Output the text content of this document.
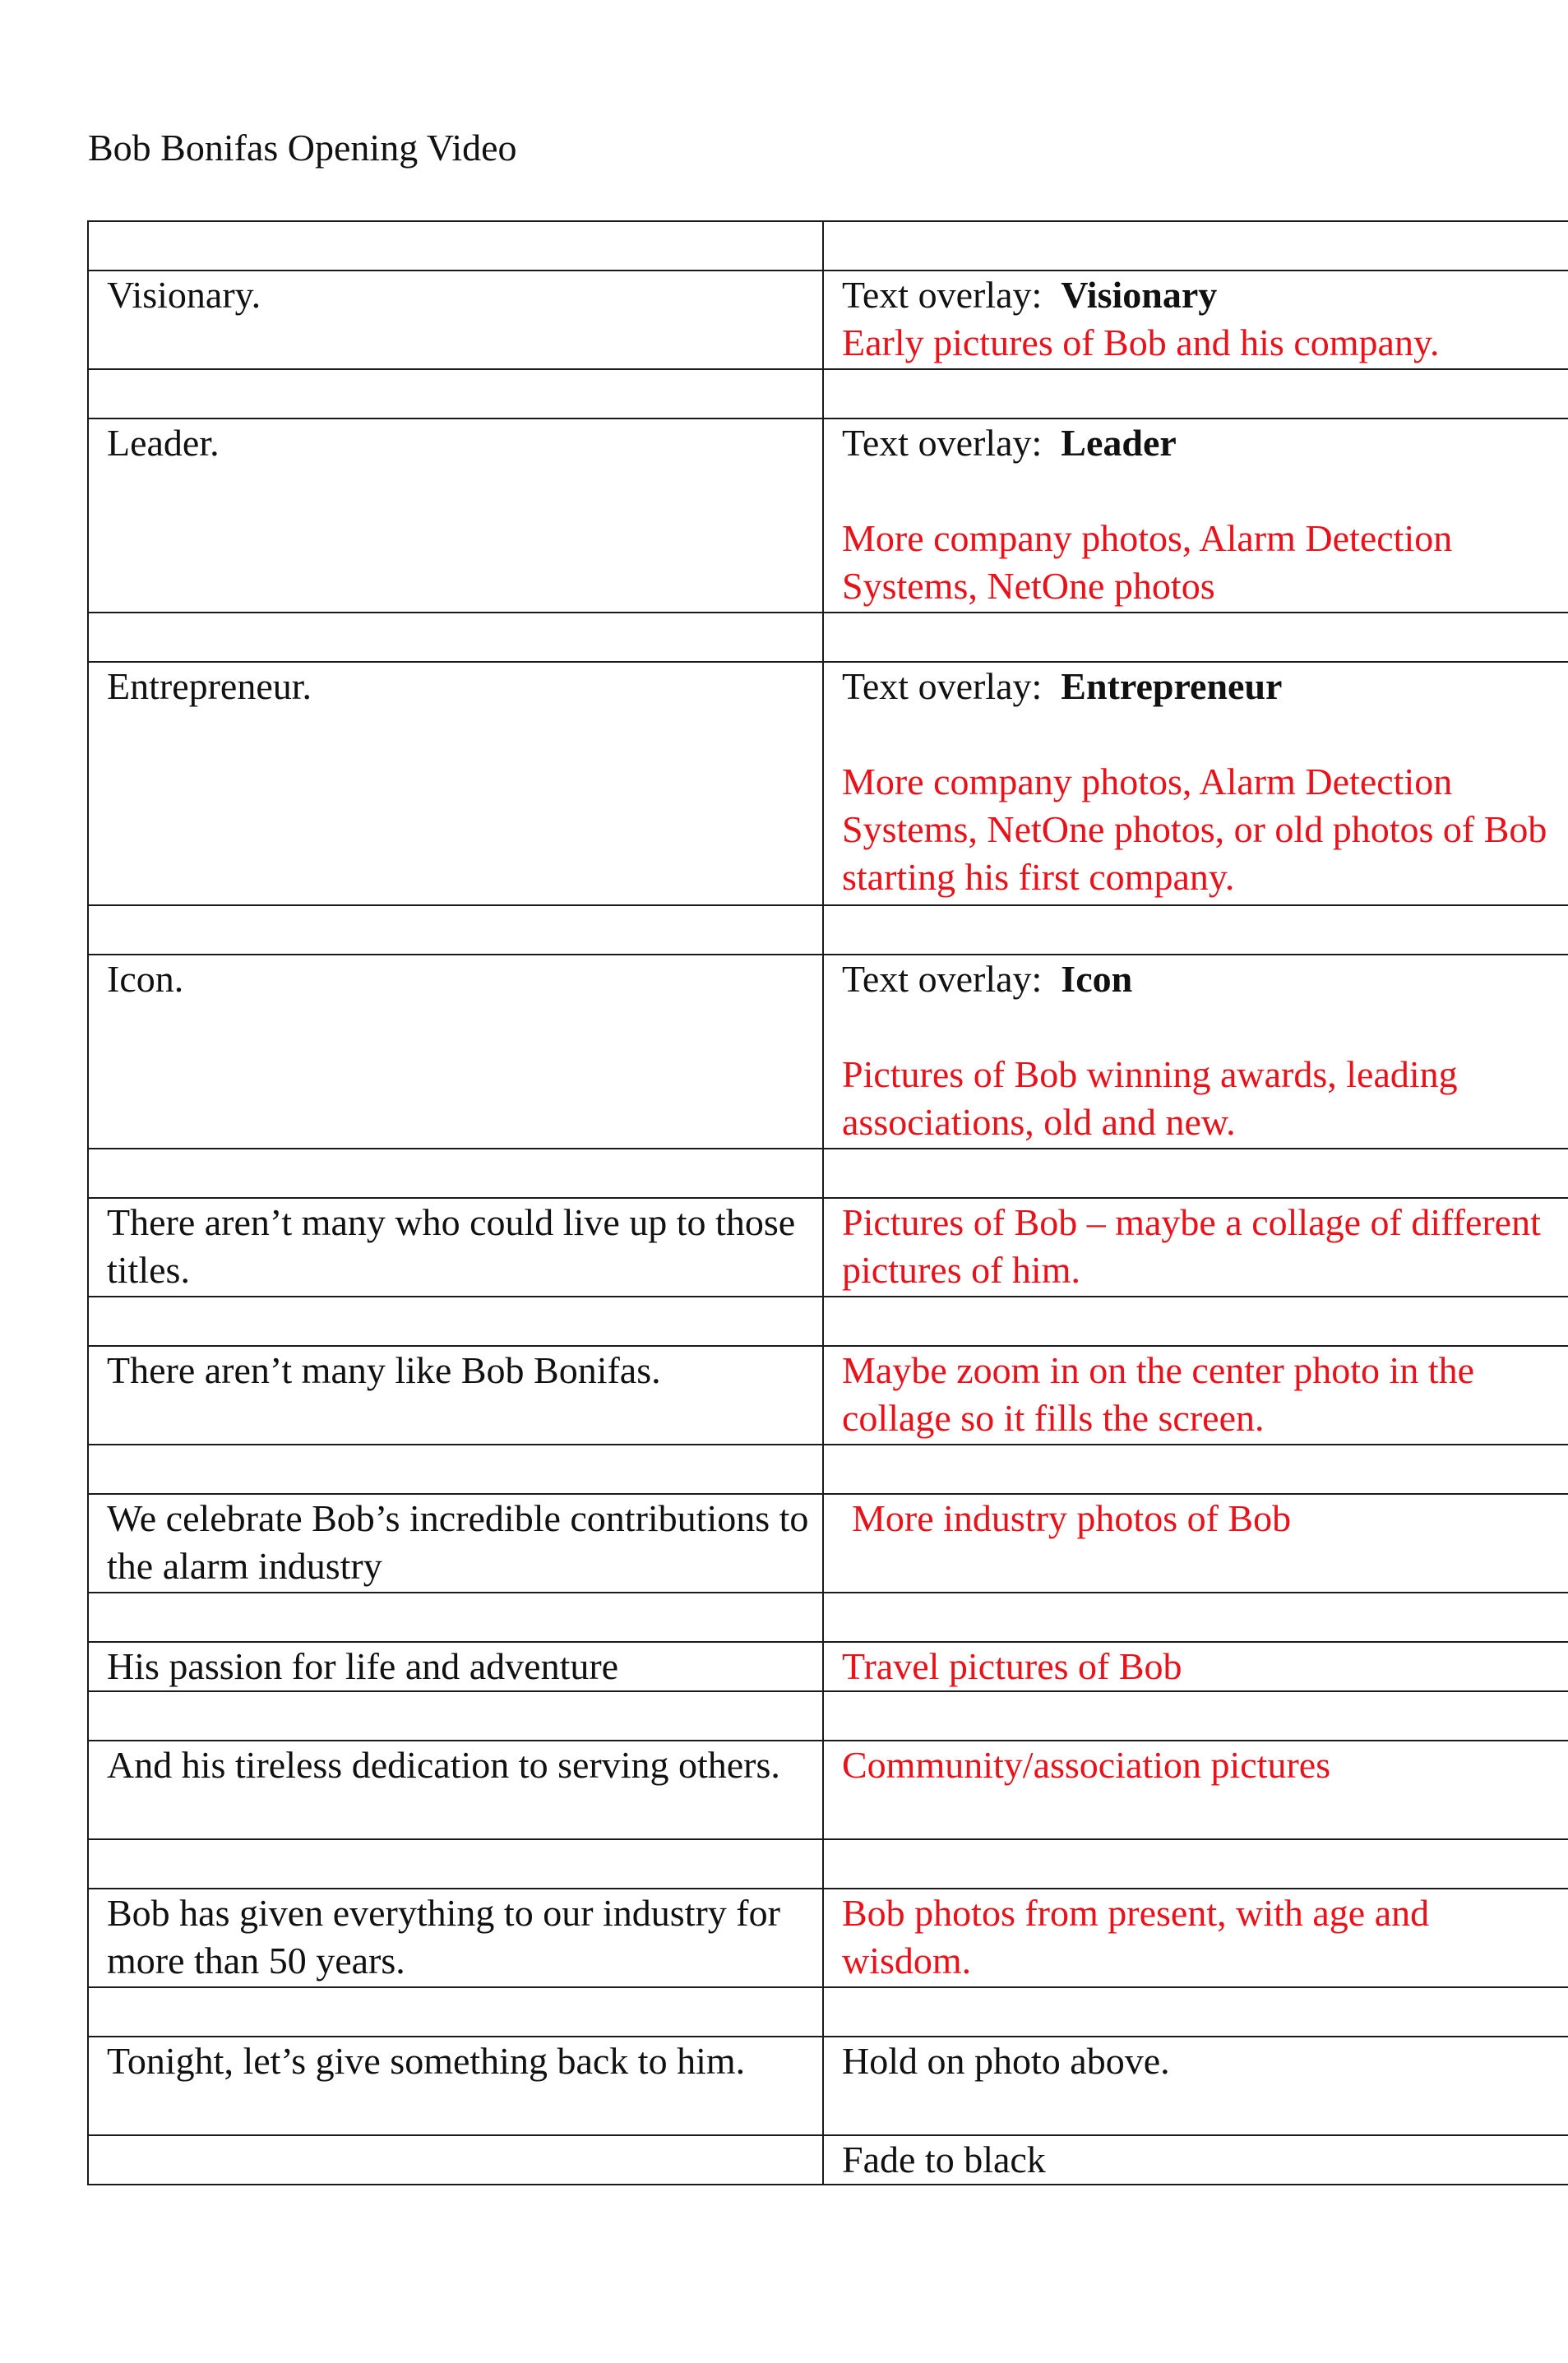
Bob Bonifas Opening Video

Visionary.	Text overlay: Visionary
Early pictures of Bob and his company.

Leader.	Text overlay: Leader
More company photos, Alarm Detection Systems, NetOne photos

Entrepreneur.	Text overlay: Entrepreneur
More company photos, Alarm Detection Systems, NetOne photos, or old photos of Bob starting his first company.

Icon.	Text overlay: Icon
Pictures of Bob winning awards, leading associations, old and new.

There aren’t many who could live up to those titles.	Pictures of Bob – maybe a collage of different pictures of him.

There aren’t many like Bob Bonifas.	Maybe zoom in on the center photo in the collage so it fills the screen.

We celebrate Bob’s incredible contributions to the alarm industry	More industry photos of Bob

His passion for life and adventure	Travel pictures of Bob

And his tireless dedication to serving others.	Community/association pictures

Bob has given everything to our industry for more than 50 years.	Bob photos from present, with age and wisdom.

Tonight, let’s give something back to him.	Hold on photo above.

	Fade to black
